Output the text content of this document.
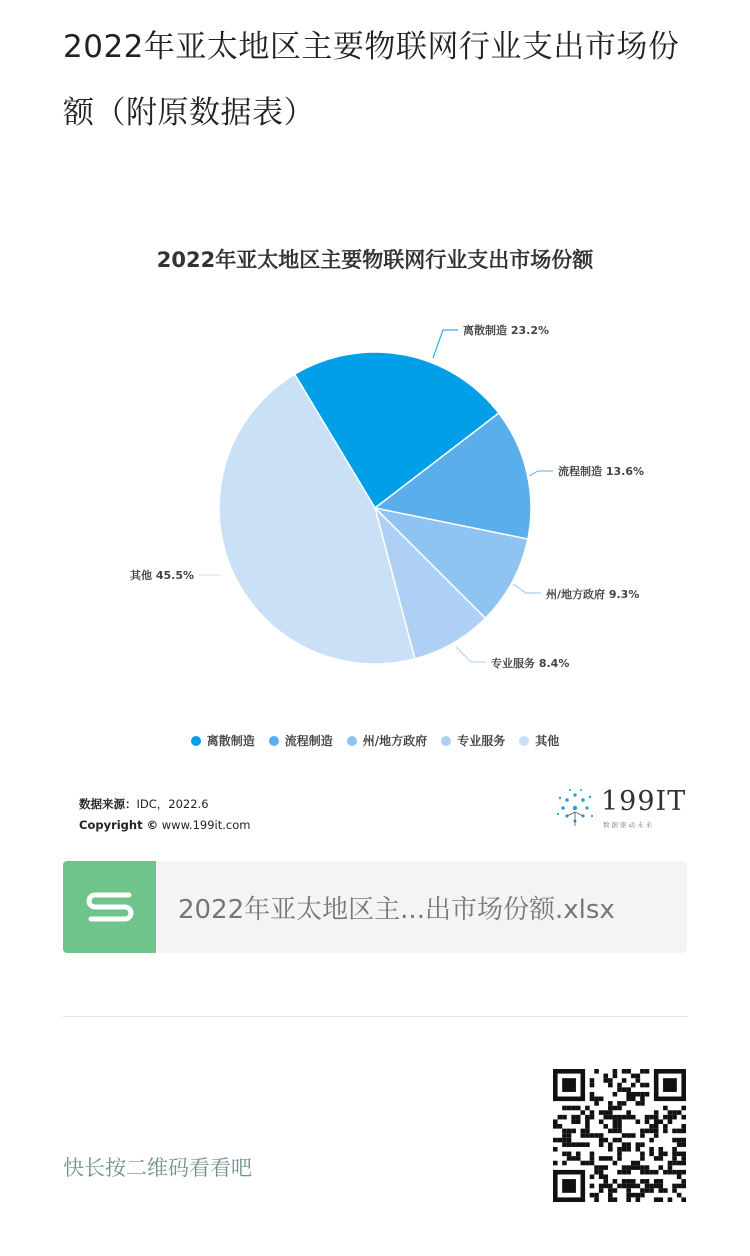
2022年亚太地区主要物联网行业支出市场份额（附原数据表）
2022年亚太地区主要物联网行业支出市场份额
离散制造 23.2%
流程制造 13.6%
州/地方政府 9.3%
专业服务 8.4%
其他 45.5%
离散制造	流程制造	州/地方政府	专业服务	其他
数据来源：IDC，2022.6
Copyright © www.199it.com
199IT
数据驱动未来
2022年亚太地区主...出市场份额.xlsx
快长按二维码看看吧
